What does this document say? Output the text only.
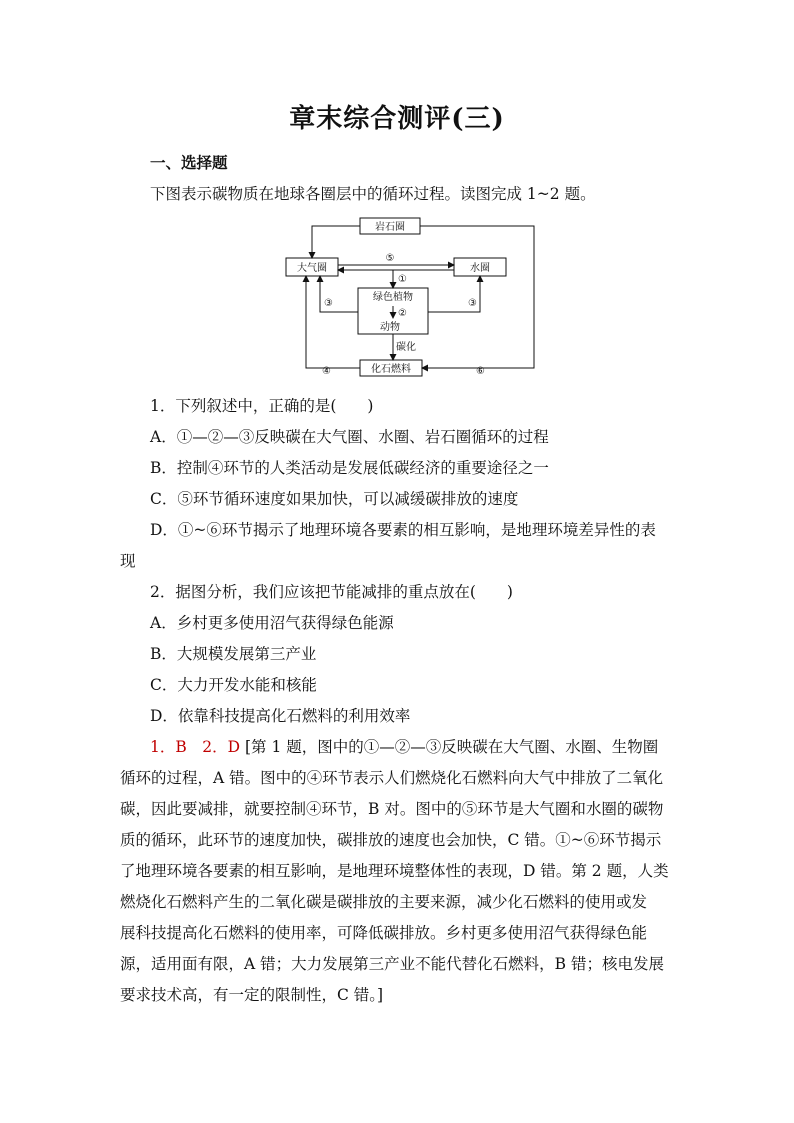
章末综合测评(三)
一、选择题
下图表示碳物质在地球各圈层中的循环过程。读图完成 1~2 题。
岩石圈
大气圈	水圈
绿色植物
动物
化石燃料
碳化
⑤
①
②
③	③
④	⑥
1．下列叙述中，正确的是(　　)
A．①—②—③反映碳在大气圈、水圈、岩石圈循环的过程
B．控制④环节的人类活动是发展低碳经济的重要途径之一
C．⑤环节循环速度如果加快，可以减缓碳排放的速度
D．①~⑥环节揭示了地理环境各要素的相互影响，是地理环境差异性的表
现
2．据图分析，我们应该把节能减排的重点放在(　　)
A．乡村更多使用沼气获得绿色能源
B．大规模发展第三产业
C．大力开发水能和核能
D．依靠科技提高化石燃料的利用效率
1．B　2．D [第 1 题，图中的①—②—③反映碳在大气圈、水圈、生物圈
循环的过程，A 错。图中的④环节表示人们燃烧化石燃料向大气中排放了二氧化
碳，因此要减排，就要控制④环节，B 对。图中的⑤环节是大气圈和水圈的碳物
质的循环，此环节的速度加快，碳排放的速度也会加快，C 错。①~⑥环节揭示
了地理环境各要素的相互影响，是地理环境整体性的表现，D 错。第 2 题，人类
燃烧化石燃料产生的二氧化碳是碳排放的主要来源，减少化石燃料的使用或发
展科技提高化石燃料的使用率，可降低碳排放。乡村更多使用沼气获得绿色能
源，适用面有限，A 错；大力发展第三产业不能代替化石燃料，B 错；核电发展
要求技术高，有一定的限制性，C 错。]
